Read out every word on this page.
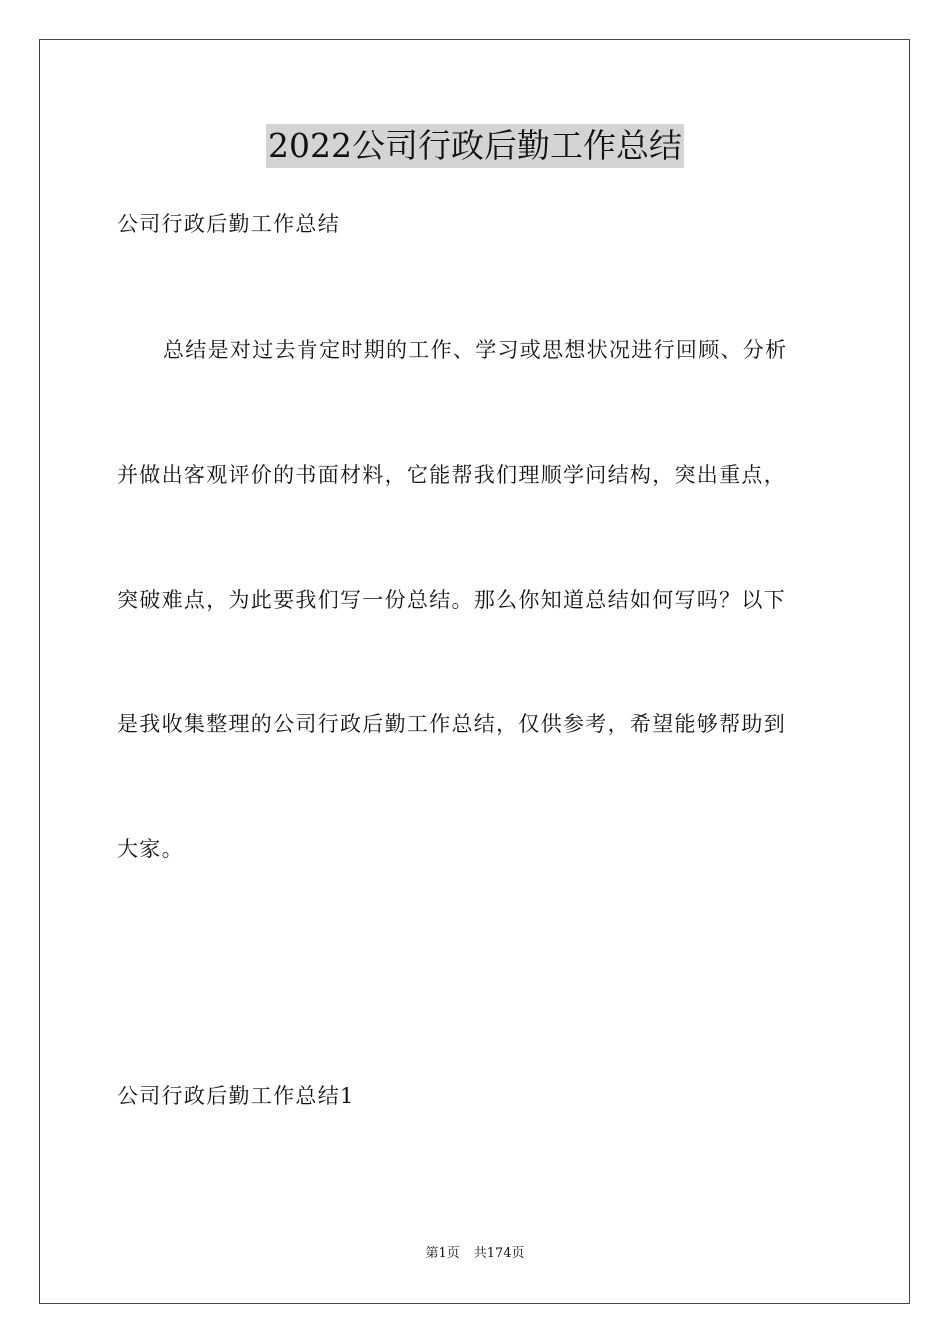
2022公司行政后勤工作总结
公司行政后勤工作总结
总结是对过去肯定时期的工作、学习或思想状况进行回顾、分析
并做出客观评价的书面材料，它能帮我们理顺学问结构，突出重点，
突破难点，为此要我们写一份总结。那么你知道总结如何写吗？以下
是我收集整理的公司行政后勤工作总结，仅供参考，希望能够帮助到
大家。
公司行政后勤工作总结1
第1页 共174页
